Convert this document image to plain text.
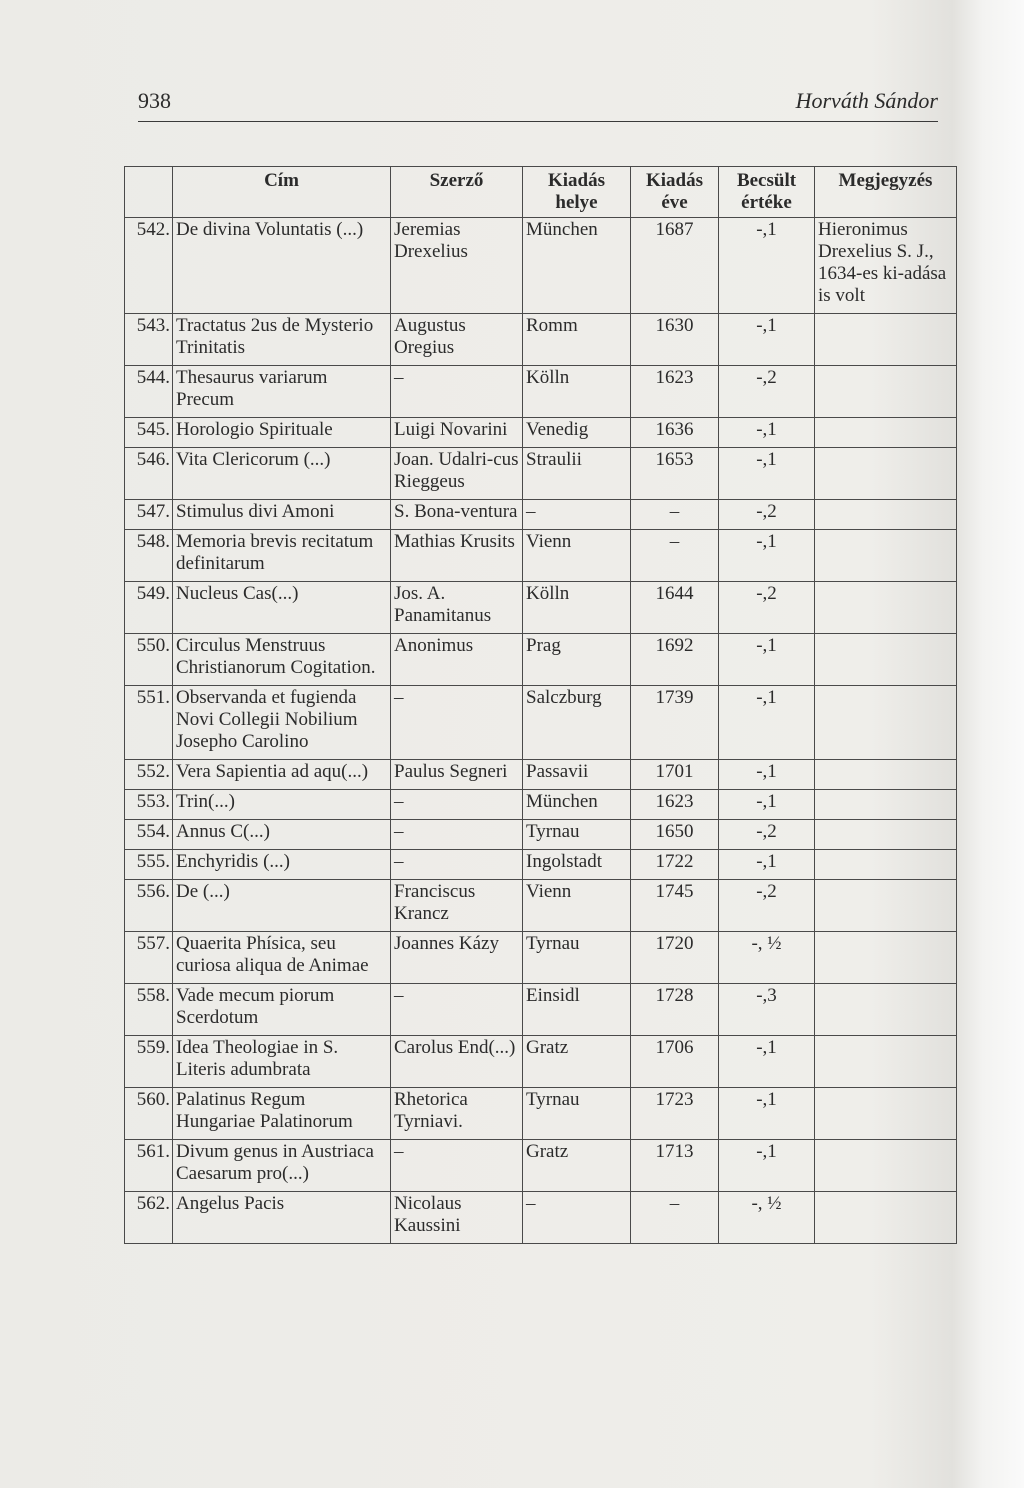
938	Horváth Sándor
	Cím	Szerző	Kiadás helye	Kiadás éve	Becsült értéke	Megjegyzés
542.	De divina Voluntatis (...)	Jeremias Drexelius	München	1687	-,1	Hieronimus Drexelius S. J., 1634-es ki-adása is volt
543.	Tractatus 2us de Mysterio Trinitatis	Augustus Oregius	Romm	1630	-,1	
544.	Thesaurus variarum Precum	–	Kölln	1623	-,2	
545.	Horologio Spirituale	Luigi Novarini	Venedig	1636	-,1	
546.	Vita Clericorum (...)	Joan. Udalri-cus Rieggeus	Straulii	1653	-,1	
547.	Stimulus divi Amoni	S. Bona-ventura	–	–	-,2	
548.	Memoria brevis recitatum definitarum	Mathias Krusits	Vienn	–	-,1	
549.	Nucleus Cas(...)	Jos. A. Panamitanus	Kölln	1644	-,2	
550.	Circulus Menstruus Christianorum Cogitation.	Anonimus	Prag	1692	-,1	
551.	Observanda et fugienda Novi Collegii Nobilium Josepho Carolino	–	Salczburg	1739	-,1	
552.	Vera Sapientia ad aqu(...)	Paulus Segneri	Passavii	1701	-,1	
553.	Trin(...)	–	München	1623	-,1	
554.	Annus C(...)	–	Tyrnau	1650	-,2	
555.	Enchyridis (...)	–	Ingolstadt	1722	-,1	
556.	De (...)	Franciscus Krancz	Vienn	1745	-,2	
557.	Quaerita Phísica, seu curiosa aliqua de Animae	Joannes Kázy	Tyrnau	1720	-, ½	
558.	Vade mecum piorum Scerdotum	–	Einsidl	1728	-,3	
559.	Idea Theologiae in S. Literis adumbrata	Carolus End(...)	Gratz	1706	-,1	
560.	Palatinus Regum Hungariae Palatinorum	Rhetorica Tyrniavi.	Tyrnau	1723	-,1	
561.	Divum genus in Austriaca Caesarum pro(...)	–	Gratz	1713	-,1	
562.	Angelus Pacis	Nicolaus Kaussini	–	–	-, ½	
